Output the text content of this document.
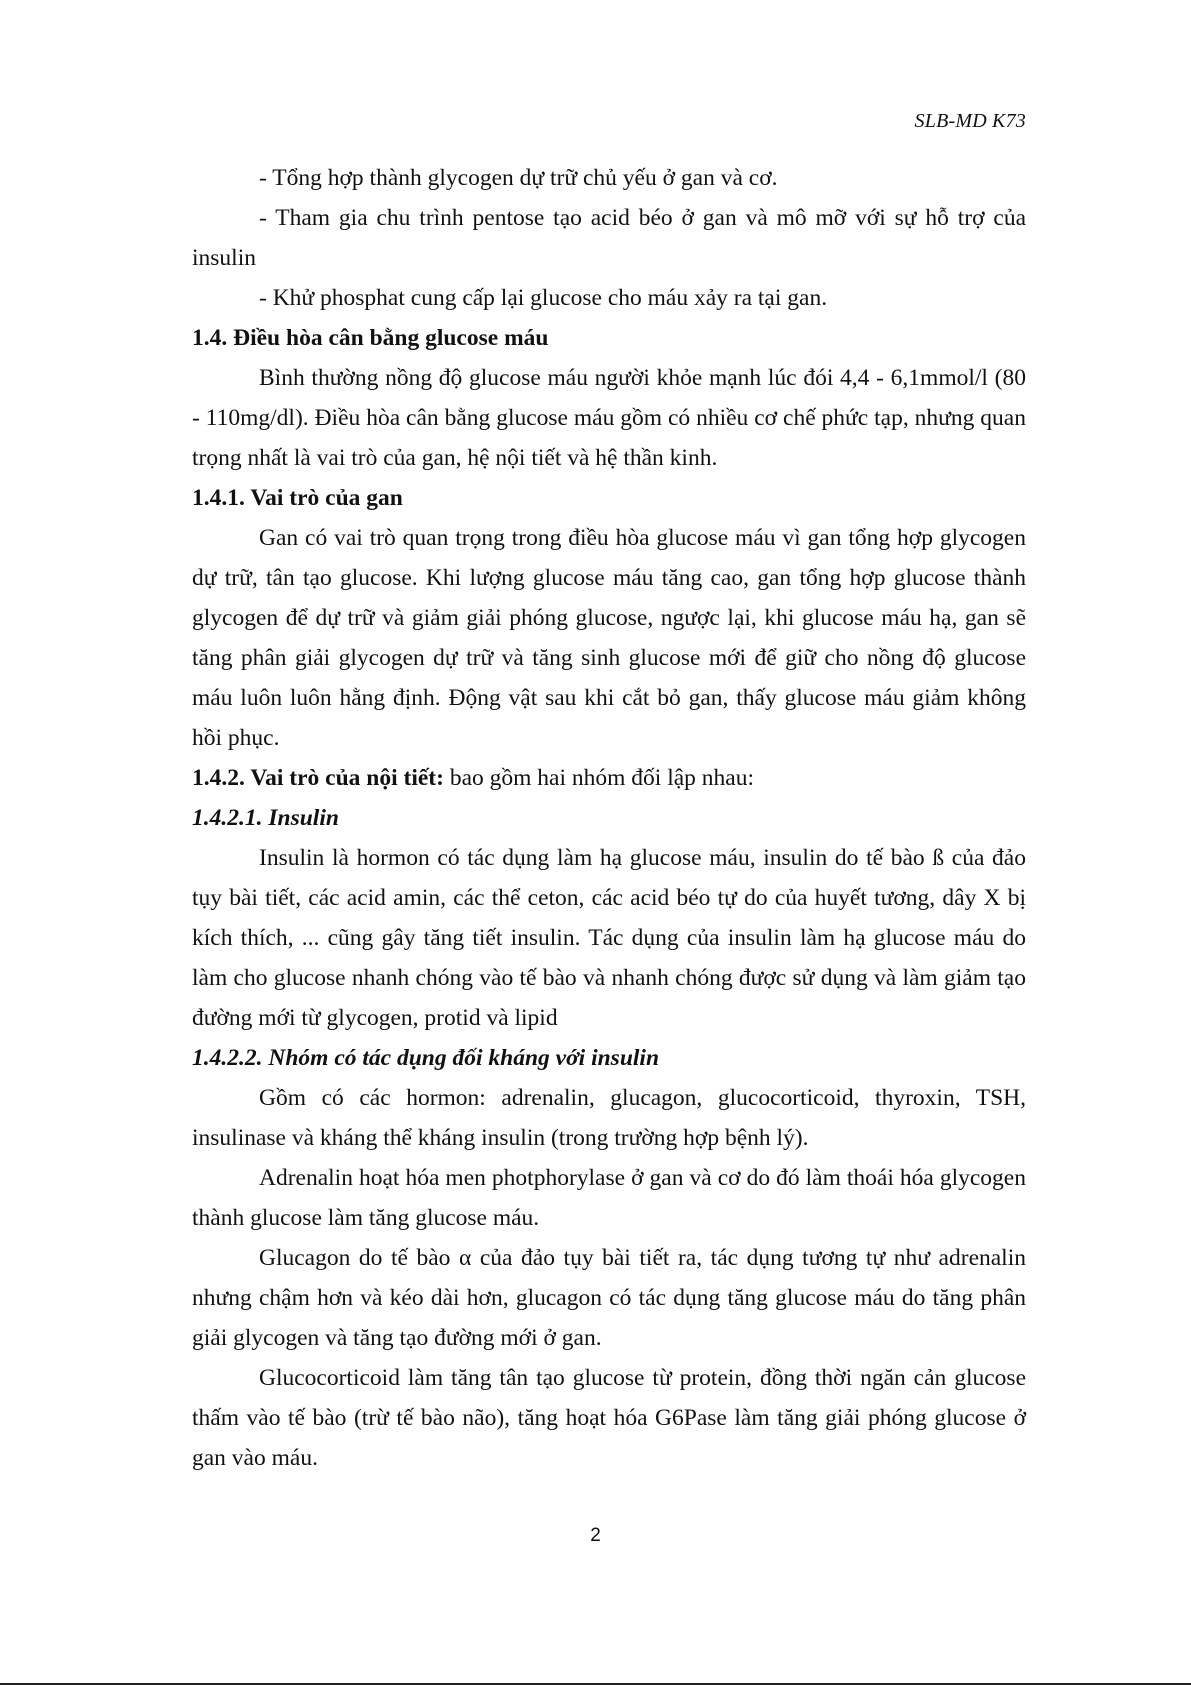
SLB-MD K73

- Tổng hợp thành glycogen dự trữ chủ yếu ở gan và cơ.

- Tham gia chu trình pentose tạo acid béo ở gan và mô mỡ với sự hỗ trợ của insulin

- Khử phosphat cung cấp lại glucose cho máu xảy ra tại gan.

1.4. Điều hòa cân bằng glucose máu

Bình thường nồng độ glucose máu người khỏe mạnh lúc đói 4,4 - 6,1mmol/l (80 - 110mg/dl). Điều hòa cân bằng glucose máu gồm có nhiều cơ chế phức tạp, nhưng quan trọng nhất là vai trò của gan, hệ nội tiết và hệ thần kinh.

1.4.1. Vai trò của gan

Gan có vai trò quan trọng trong điều hòa glucose máu vì gan tổng hợp glycogen dự trữ, tân tạo glucose. Khi lượng glucose máu tăng cao, gan tổng hợp glucose thành glycogen để dự trữ và giảm giải phóng glucose, ngược lại, khi glucose máu hạ, gan sẽ tăng phân giải glycogen dự trữ và tăng sinh glucose mới để giữ cho nồng độ glucose máu luôn luôn hằng định. Động vật sau khi cắt bỏ gan, thấy glucose máu giảm không hồi phục.

1.4.2. Vai trò của nội tiết: bao gồm hai nhóm đối lập nhau:

1.4.2.1. Insulin

Insulin là hormon có tác dụng làm hạ glucose máu, insulin do tế bào ß của đảo tụy bài tiết, các acid amin, các thể ceton, các acid béo tự do của huyết tương, dây X bị kích thích, ... cũng gây tăng tiết insulin. Tác dụng của insulin làm hạ glucose máu do làm cho glucose nhanh chóng vào tế bào và nhanh chóng được sử dụng và làm giảm tạo đường mới từ glycogen, protid và lipid

1.4.2.2. Nhóm có tác dụng đối kháng với insulin

Gồm có các hormon: adrenalin, glucagon, glucocorticoid, thyroxin, TSH, insulinase và kháng thể kháng insulin (trong trường hợp bệnh lý).

Adrenalin hoạt hóa men photphorylase ở gan và cơ do đó làm thoái hóa glycogen thành glucose làm tăng glucose máu.

Glucagon do tế bào α của đảo tụy bài tiết ra, tác dụng tương tự như adrenalin nhưng chậm hơn và kéo dài hơn, glucagon có tác dụng tăng glucose máu do tăng phân giải glycogen và tăng tạo đường mới ở gan.

Glucocorticoid làm tăng tân tạo glucose từ protein, đồng thời ngăn cản glucose thấm vào tế bào (trừ tế bào não), tăng hoạt hóa G6Pase làm tăng giải phóng glucose ở gan vào máu.

2
